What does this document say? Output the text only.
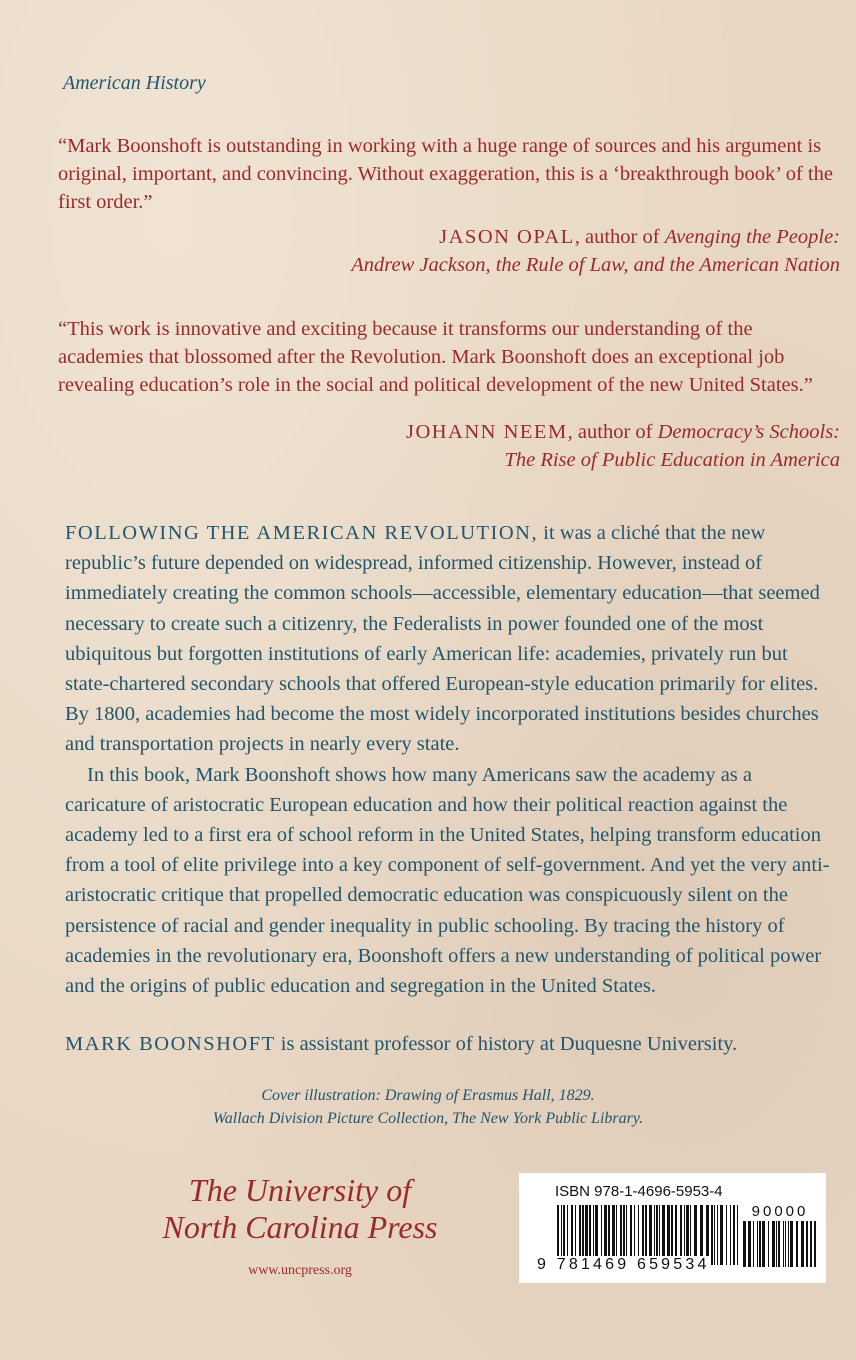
American History

“Mark Boonshoft is outstanding in working with a huge range of sources and his argument is original, important, and convincing. Without exaggeration, this is a ‘breakthrough book’ of the first order.”

JASON OPAL, author of Avenging the People:
Andrew Jackson, the Rule of Law, and the American Nation

“This work is innovative and exciting because it transforms our understanding of the academies that blossomed after the Revolution. Mark Boonshoft does an exceptional job revealing education’s role in the social and political development of the new United States.”

JOHANN NEEM, author of Democracy’s Schools:
The Rise of Public Education in America

FOLLOWING THE AMERICAN REVOLUTION, it was a cliché that the new republic’s future depended on widespread, informed citizenship. However, instead of immediately creating the common schools—accessible, elementary education—that seemed necessary to create such a citizenry, the Federalists in power founded one of the most ubiquitous but forgotten institutions of early American life: academies, privately run but state-chartered secondary schools that offered European-style education primarily for elites. By 1800, academies had become the most widely incorporated institutions besides churches and transportation projects in nearly every state.

In this book, Mark Boonshoft shows how many Americans saw the academy as a caricature of aristocratic European education and how their political reaction against the academy led to a first era of school reform in the United States, helping transform education from a tool of elite privilege into a key component of self-government. And yet the very anti-aristocratic critique that propelled democratic education was conspicuously silent on the persistence of racial and gender inequality in public schooling. By tracing the history of academies in the revolutionary era, Boonshoft offers a new understanding of political power and the origins of public education and segregation in the United States.

MARK BOONSHOFT is assistant professor of history at Duquesne University.
Cover illustration: Drawing of Erasmus Hall, 1829.
Wallach Division Picture Collection, The New York Public Library.
The University of
North Carolina Press
www.uncpress.org
ISBN 978-1-4696-5953-4
90000
9 781469 659534
